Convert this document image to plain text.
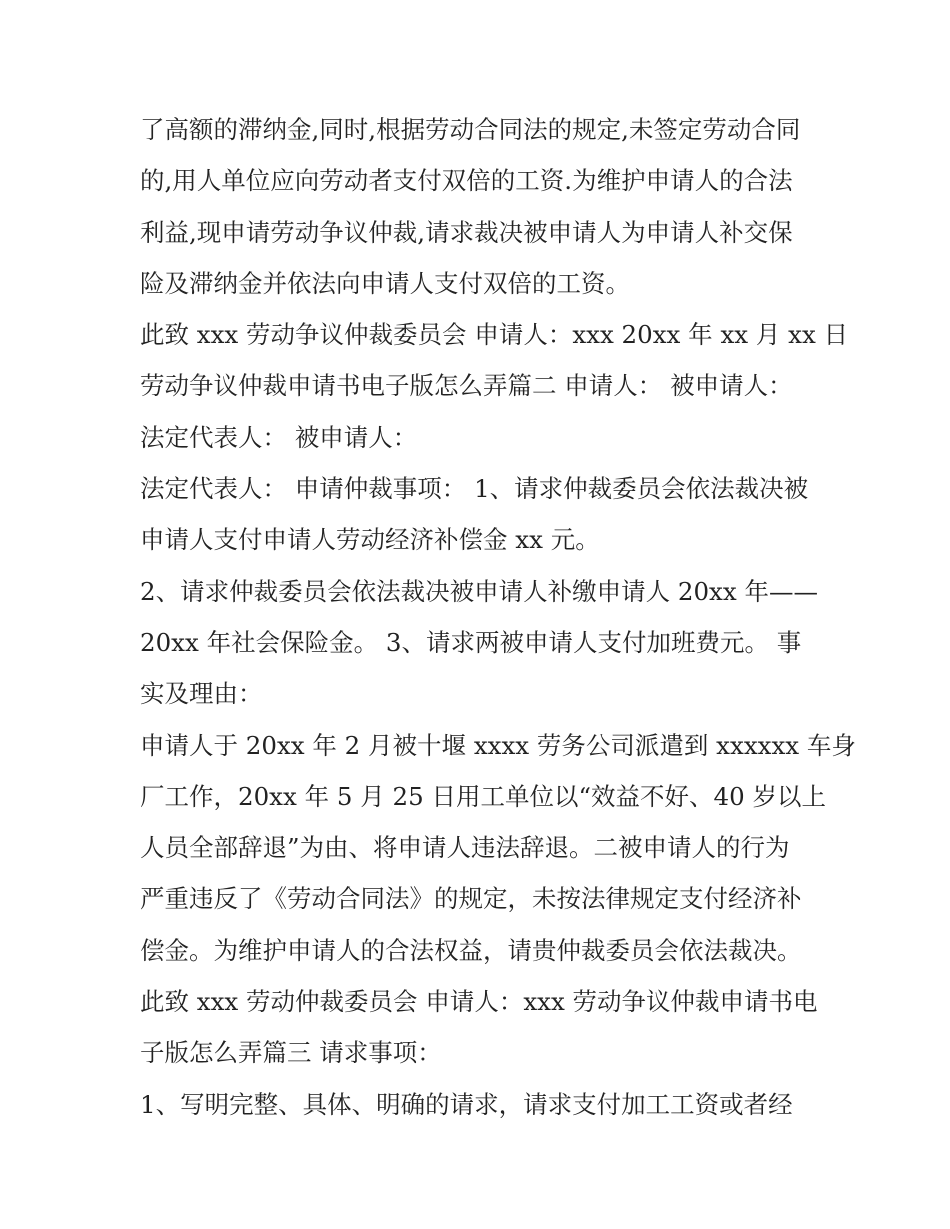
了高额的滞纳金,同时,根据劳动合同法的规定,未签定劳动合同
的,用人单位应向劳动者支付双倍的工资.为维护申请人的合法
利益,现申请劳动争议仲裁,请求裁决被申请人为申请人补交保
险及滞纳金并依法向申请人支付双倍的工资。
此致 xxx 劳动争议仲裁委员会 申请人：xxx 20xx 年 xx 月 xx 日
劳动争议仲裁申请书电子版怎么弄篇二 申请人： 被申请人：
法定代表人： 被申请人：
法定代表人： 申请仲裁事项： 1、请求仲裁委员会依法裁决被
申请人支付申请人劳动经济补偿金 xx 元。
2、请求仲裁委员会依法裁决被申请人补缴申请人 20xx 年——
20xx 年社会保险金。 3、请求两被申请人支付加班费元。 事
实及理由：
申请人于 20xx 年 2 月被十堰 xxxx 劳务公司派遣到 xxxxxx 车身
厂工作，20xx 年 5 月 25 日用工单位以“效益不好、40 岁以上
人员全部辞退”为由、将申请人违法辞退。二被申请人的行为
严重违反了《劳动合同法》的规定，未按法律规定支付经济补
偿金。为维护申请人的合法权益，请贵仲裁委员会依法裁决。
此致 xxx 劳动仲裁委员会 申请人：xxx 劳动争议仲裁申请书电
子版怎么弄篇三 请求事项：
1、写明完整、具体、明确的请求，请求支付加工工资或者经
